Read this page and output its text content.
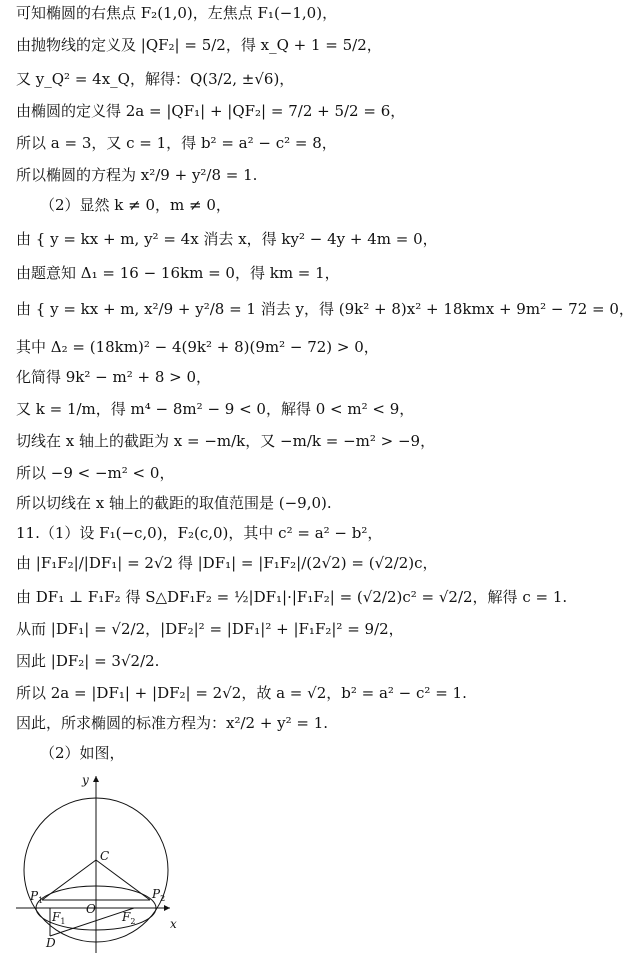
可知椭圆的右焦点 F₂(1,0)，左焦点 F₁(−1,0)，
由抛物线的定义及 |QF₂| = 5/2，得 x_Q + 1 = 5/2，
又 y_Q² = 4x_Q，解得：Q(3/2, ±√6)，
由椭圆的定义得 2a = |QF₁| + |QF₂| = 7/2 + 5/2 = 6，
所以 a = 3，又 c = 1，得 b² = a² − c² = 8，
所以椭圆的方程为 x²/9 + y²/8 = 1.
（2）显然 k ≠ 0，m ≠ 0，
由 { y = kx + m, y² = 4x 消去 x，得 ky² − 4y + 4m = 0，
由题意知 Δ₁ = 16 − 16km = 0，得 km = 1，
由 { y = kx + m, x²/9 + y²/8 = 1 消去 y，得 (9k² + 8)x² + 18kmx + 9m² − 72 = 0，
其中 Δ₂ = (18km)² − 4(9k² + 8)(9m² − 72) > 0，
化简得 9k² − m² + 8 > 0，
又 k = 1/m，得 m⁴ − 8m² − 9 < 0，解得 0 < m² < 9，
切线在 x 轴上的截距为 x = −m/k，又 −m/k = −m² > −9，
所以 −9 < −m² < 0，
所以切线在 x 轴上的截距的取值范围是 (−9,0).
11.（1）设 F₁(−c,0)，F₂(c,0)，其中 c² = a² − b²，
由 |F₁F₂|/|DF₁| = 2√2 得 |DF₁| = |F₁F₂|/(2√2) = (√2/2)c，
由 DF₁ ⊥ F₁F₂ 得 S△DF₁F₂ = ½|DF₁|·|F₁F₂| = (√2/2)c² = √2/2，解得 c = 1.
从而 |DF₁| = √2/2，|DF₂|² = |DF₁|² + |F₁F₂|² = 9/2，
因此 |DF₂| = 3√2/2.
所以 2a = |DF₁| + |DF₂| = 2√2，故 a = √2，b² = a² − c² = 1.
因此，所求椭圆的标准方程为：x²/2 + y² = 1.
（2）如图，
y
x
C
O
D
$P_1$	$P_2$
$F_1$	$F_2$
